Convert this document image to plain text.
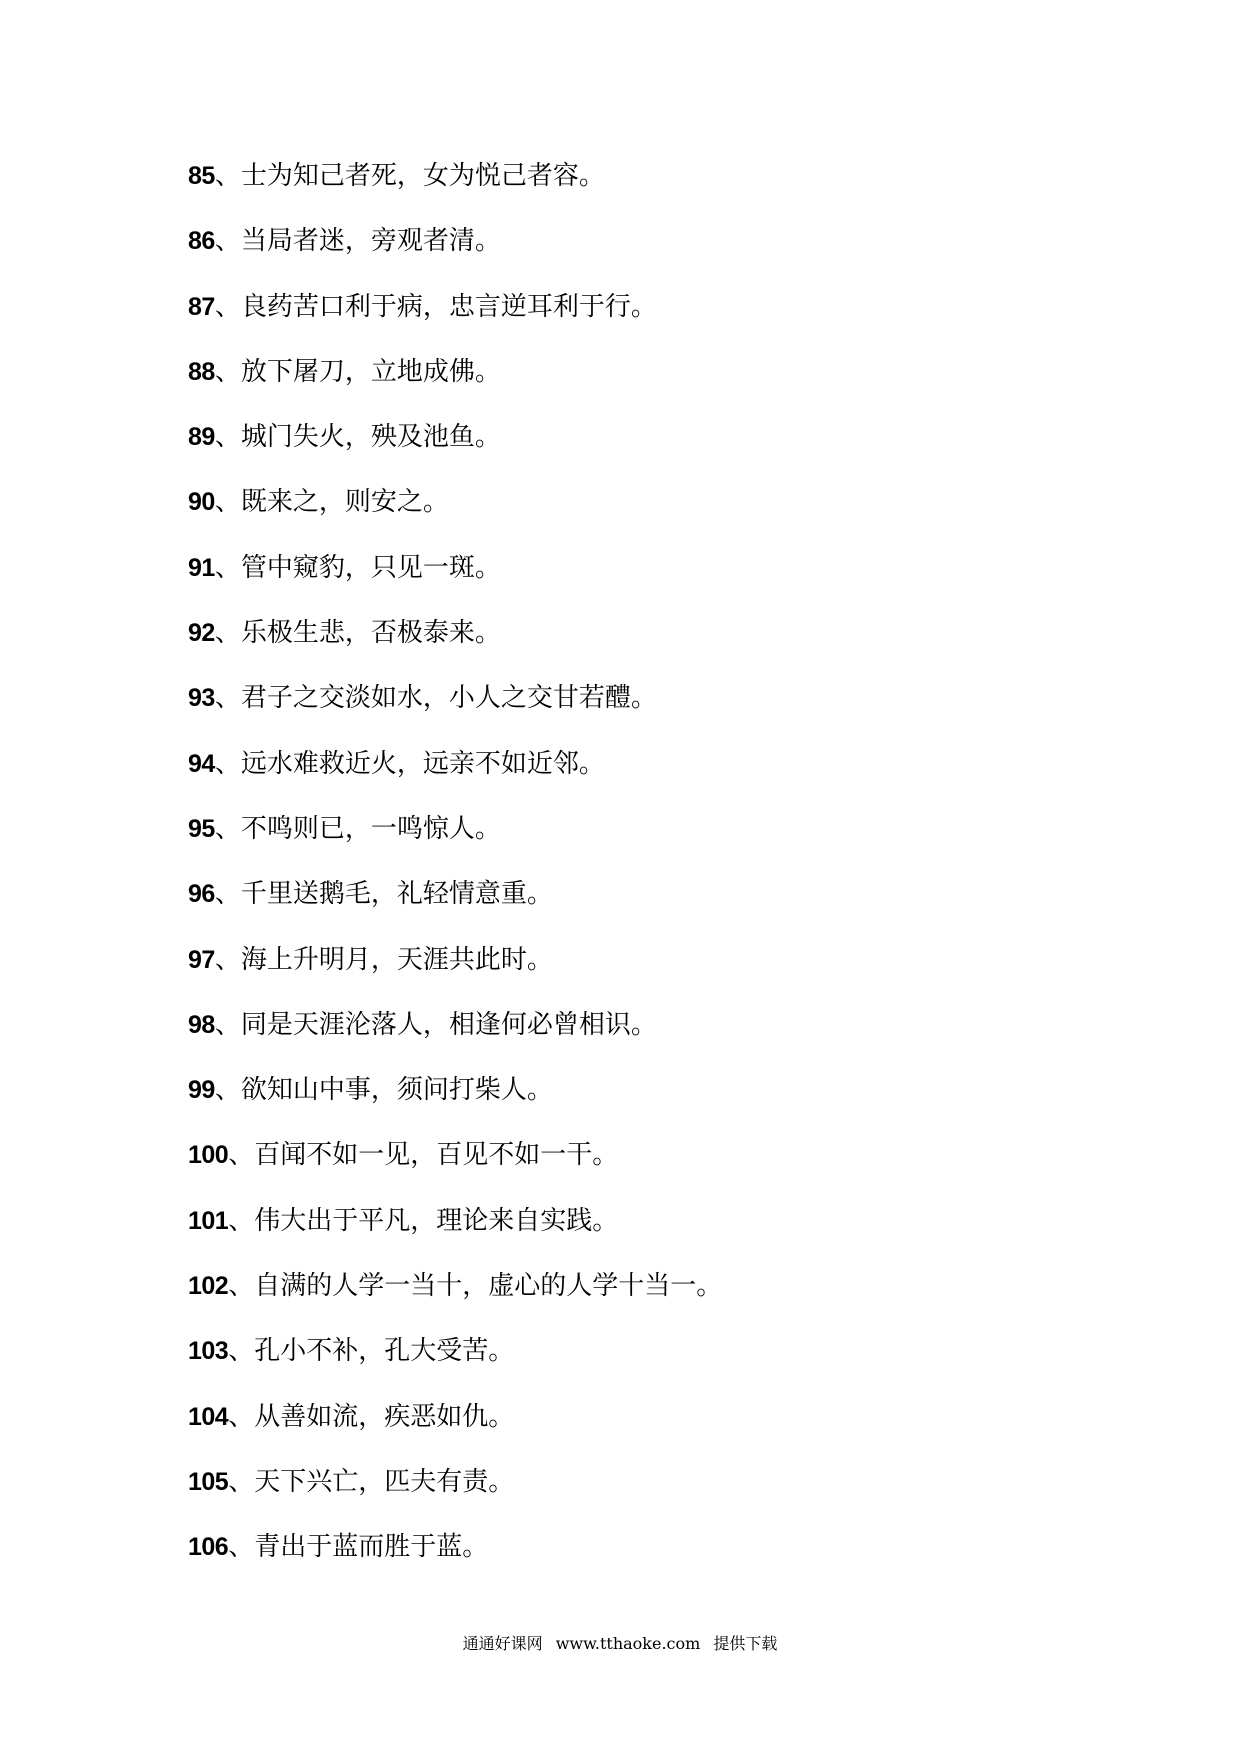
85 、 士为知己者死，女为悦己者容。
86 、 当局者迷，旁观者清。
87 、 良药苦口利于病，忠言逆耳利于行。
88 、 放下屠刀，立地成佛。
89 、 城门失火，殃及池鱼。
90 、 既来之，则安之。
91 、 管中窥豹，只见一斑。
92 、 乐极生悲，否极泰来。
93 、 君子之交淡如水，小人之交甘若醴。
94 、 远水难救近火，远亲不如近邻。
95 、 不鸣则已，一鸣惊人。
96 、 千里送鹅毛，礼轻情意重。
97 、 海上升明月，天涯共此时。
98 、 同是天涯沦落人，相逢何必曾相识。
99 、 欲知山中事，须问打柴人。
100 、 百闻不如一见，百见不如一干。
101 、 伟大出于平凡，理论来自实践。
102 、 自满的人学一当十，虚心的人学十当一。
103 、 孔小不补，孔大受苦。
104 、 从善如流，疾恶如仇。
105 、 天下兴亡，匹夫有责。
106 、 青出于蓝而胜于蓝。
通通好课网 www.tthaoke.com 提供下载
